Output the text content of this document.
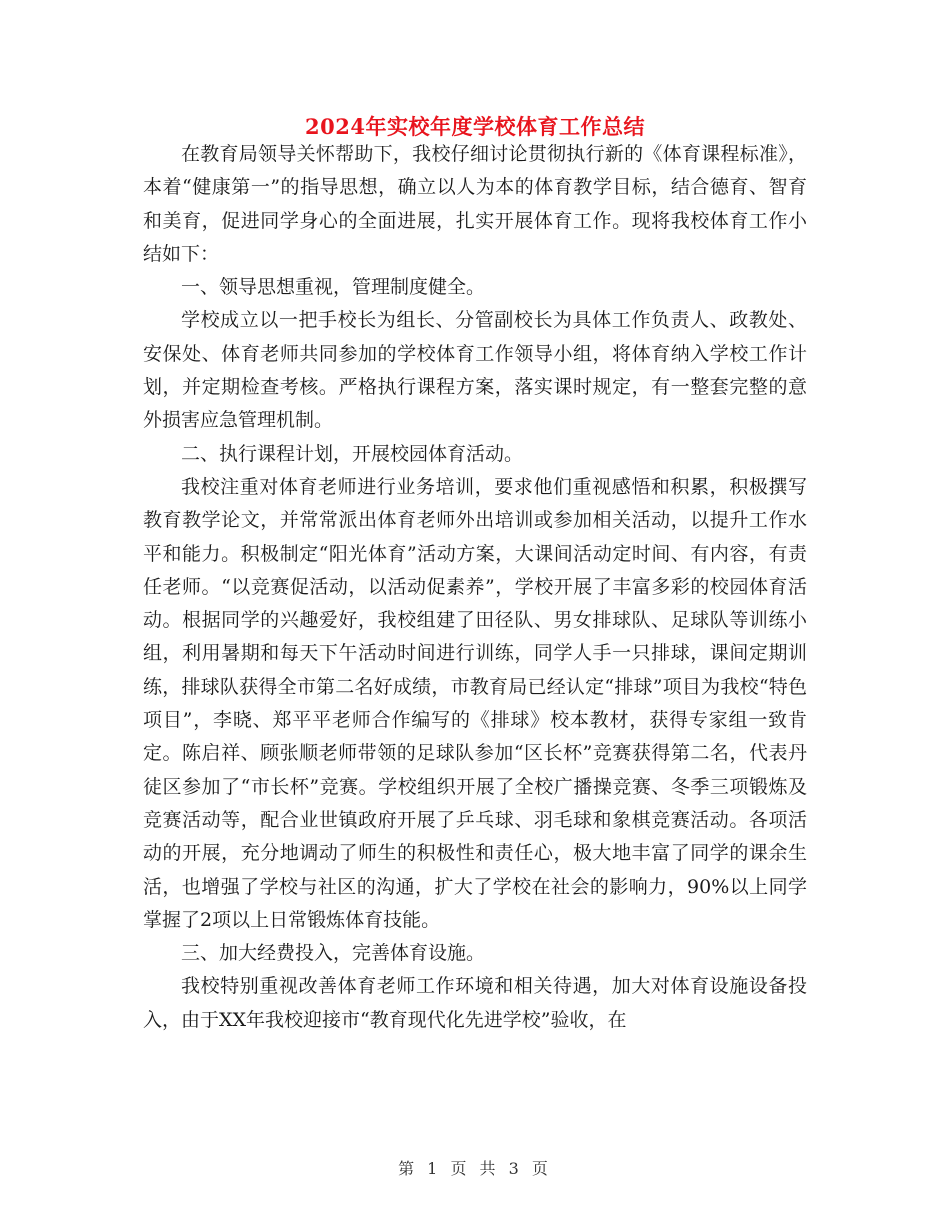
2024年实校年度学校体育工作总结

在教育局领导关怀帮助下，我校仔细讨论贯彻执行新的《体育课程标准》，本着“健康第一”的指导思想，确立以人为本的体育教学目标，结合德育、智育和美育，促进同学身心的全面进展，扎实开展体育工作。现将我校体育工作小结如下：

一、领导思想重视，管理制度健全。

学校成立以一把手校长为组长、分管副校长为具体工作负责人、政教处、安保处、体育老师共同参加的学校体育工作领导小组，将体育纳入学校工作计划，并定期检查考核。严格执行课程方案，落实课时规定，有一整套完整的意外损害应急管理机制。

二、执行课程计划，开展校园体育活动。

我校注重对体育老师进行业务培训，要求他们重视感悟和积累，积极撰写教育教学论文，并常常派出体育老师外出培训或参加相关活动，以提升工作水平和能力。积极制定“阳光体育”活动方案，大课间活动定时间、有内容，有责任老师。“以竞赛促活动，以活动促素养”，学校开展了丰富多彩的校园体育活动。根据同学的兴趣爱好，我校组建了田径队、男女排球队、足球队等训练小组，利用暑期和每天下午活动时间进行训练，同学人手一只排球，课间定期训练，排球队获得全市第二名好成绩，市教育局已经认定“排球”项目为我校“特色项目”，李晓、郑平平老师合作编写的《排球》校本教材，获得专家组一致肯定。陈启祥、顾张顺老师带领的足球队参加“区长杯”竞赛获得第二名，代表丹徒区参加了“市长杯”竞赛。学校组织开展了全校广播操竞赛、冬季三项锻炼及竞赛活动等，配合业世镇政府开展了乒乓球、羽毛球和象棋竞赛活动。各项活动的开展，充分地调动了师生的积极性和责任心，极大地丰富了同学的课余生活，也增强了学校与社区的沟通，扩大了学校在社会的影响力，90%以上同学掌握了2项以上日常锻炼体育技能。

三、加大经费投入，完善体育设施。

我校特别重视改善体育老师工作环境和相关待遇，加大对体育设施设备投入，由于XX年我校迎接市“教育现代化先进学校”验收，在

第 1 页 共 3 页
